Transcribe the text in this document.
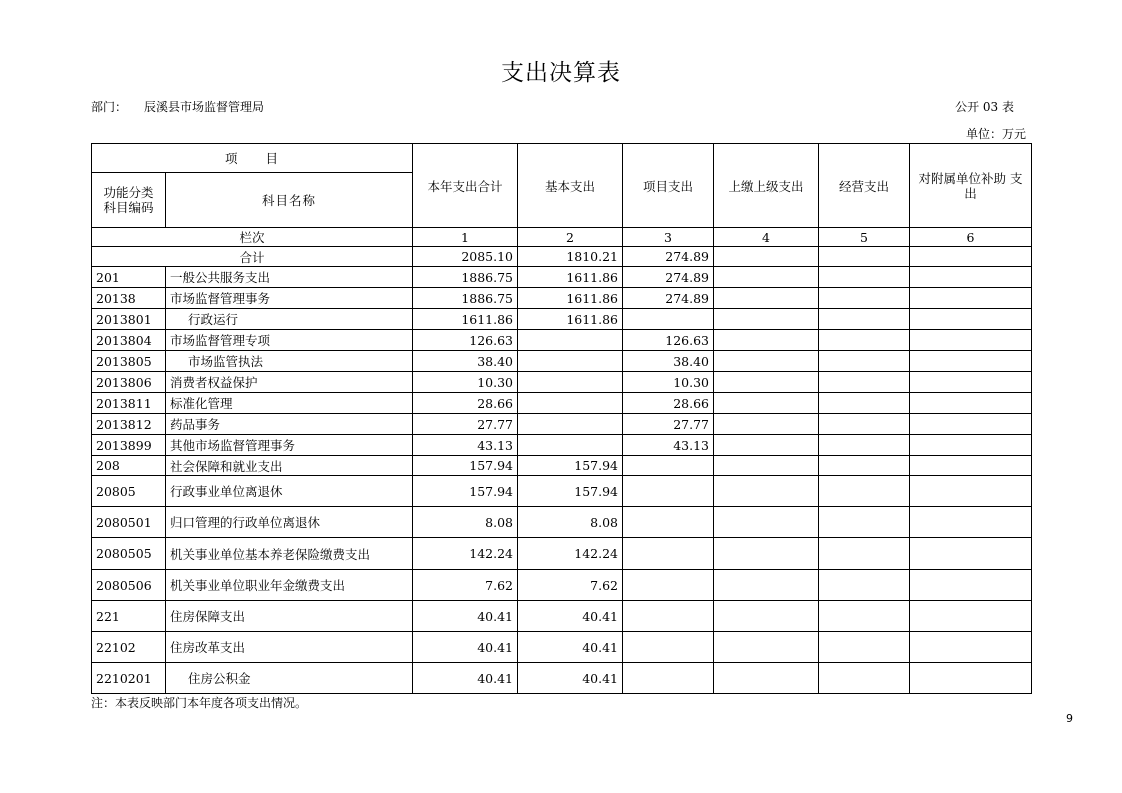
支出决算表
部门： 辰溪县市场监督管理局	公开 03 表
单位：万元
项　　目		本年支出合计	基本支出	项目支出	上缴上级支出	经营支出	对附属单位补助 支出
功能分类 科目编码	科目名称						
栏次		1	2	3	4	5	6
合计		2085.10	1810.21	274.89			
201	一般公共服务支出	1886.75	1611.86	274.89			
20138	市场监督管理事务	1886.75	1611.86	274.89			
2013801	行政运行	1611.86	1611.86				
2013804	市场监督管理专项	126.63		126.63			
2013805	市场监管执法	38.40		38.40			
2013806	消费者权益保护	10.30		10.30			
2013811	标准化管理	28.66		28.66			
2013812	药品事务	27.77		27.77			
2013899	其他市场监督管理事务	43.13		43.13			
208	社会保障和就业支出	157.94	157.94				
20805	行政事业单位离退休	157.94	157.94				
2080501	归口管理的行政单位离退休	8.08	8.08				
2080505	机关事业单位基本养老保险缴费支出	142.24	142.24				
2080506	机关事业单位职业年金缴费支出	7.62	7.62				
221	住房保障支出	40.41	40.41				
22102	住房改革支出	40.41	40.41				
2210201	住房公积金	40.41	40.41				
注：本表反映部门本年度各项支出情况。
9
